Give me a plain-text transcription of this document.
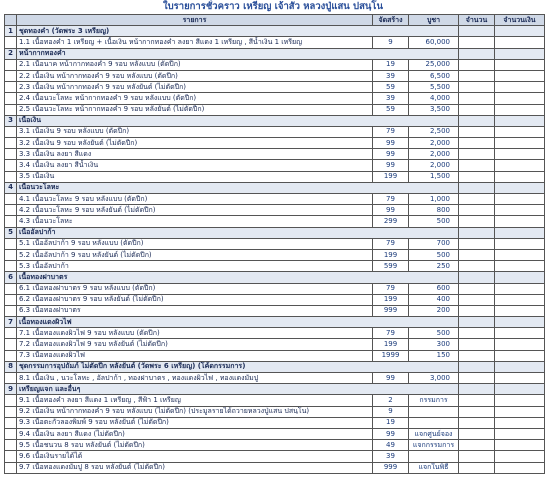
ใบรายการชั่วคราว เหรียญ เจ้าสัว หลวงปู่แสน ปสนฺโน
	รายการ	จัดสร้าง	บูชา	จำนวน	จำนวนเงิน
1	ชุดทองคำ (วัดพระ 3 เหรียญ)				
	1.1 เนื้อทองคำ 1 เหรียญ + เนื้อเงิน หน้ากากทองคำ ลงยา สีแดง 1 เหรียญ , สีน้ำเงิน 1 เหรียญ	9	60,000		
2	หน้ากากทองคำ				
	2.1 เนื้อนาค หน้ากากทองคำ 9 รอบ หลังแบบ (ตัดปีก)	19	25,000		
	2.2 เนื้อเงิน หน้ากากทองคำ 9 รอบ หลังแบบ (ตัดปีก)	39	6,500		
	2.3 เนื้อเงิน หน้ากากทองคำ 9 รอบ หลังยันต์ (ไม่ตัดปีก)	59	5,500		
	2.4 เนื้อนวะโลหะ หน้ากากทองคำ 9 รอบ หลังแบบ (ตัดปีก)	39	4,000		
	2.5 เนื้อนวะโลหะ หน้ากากทองคำ 9 รอบ หลังยันต์ (ไม่ตัดปีก)	59	3,500		
3	เนื้อเงิน				
	3.1 เนื้อเงิน 9 รอบ หลังแบบ (ตัดปีก)	79	2,500		
	3.2 เนื้อเงิน 9 รอบ หลังยันต์ (ไม่ตัดปีก)	99	2,000		
	3.3 เนื้อเงิน ลงยา สีแดง	99	2,000		
	3.4 เนื้อเงิน ลงยา สีน้ำเงิน	99	2,000		
	3.5 เนื้อเงิน	199	1,500		
4	เนื้อนวะโลหะ				
	4.1 เนื้อนวะโลหะ 9 รอบ หลังแบบ (ตัดปีก)	79	1,000		
	4.2 เนื้อนวะโลหะ 9 รอบ หลังยันต์ (ไม่ตัดปีก)	99	800		
	4.3 เนื้อนวะโลหะ	299	500		
5	เนื้ออัลปาก้า				
	5.1 เนื้ออัลปาก้า 9 รอบ หลังแบบ (ตัดปีก)	79	700		
	5.2 เนื้ออัลปาก้า 9 รอบ หลังยันต์ (ไม่ตัดปีก)	199	500		
	5.3 เนื้ออัลปาก้า	599	250		
6	เนื้อทองฝาบาตร				
	6.1 เนื้อทองฝาบาตร 9 รอบ หลังแบบ (ตัดปีก)	79	600		
	6.2 เนื้อทองฝาบาตร 9 รอบ หลังยันต์ (ไม่ตัดปีก)	199	400		
	6.3 เนื้อทองฝาบาตร	999	200		
7	เนื้อทองแดงผิวไฟ				
	7.1 เนื้อทองแดงผิวไฟ 9 รอบ หลังแบบ (ตัดปีก)	79	500		
	7.2 เนื้อทองแดงผิวไฟ 9 รอบ หลังยันต์ (ไม่ตัดปีก)	199	300		
	7.3 เนื้อทองแดงผิวไฟ	1999	150		
8	ชุดกรรมการอุปถัมภ์ ไม่ตัดปีก หลังยันต์ (วัดพระ 6 เหรียญ) (โค้ดกรรมการ)				
	8.1 เนื้อเงิน , นวะโลหะ , อัลปาก้า , ทองฝาบาตร , ทองแดงผิวไฟ , ทองแดงมัมปู	99	3,000		
9	เหรียญแจก และอื่นๆ				
	9.1 เนื้อทองคำ ลงยา สีแดง 1 เหรียญ , สีฟ้า 1 เหรียญ	2	กรรมการ		
	9.2 เนื้อเงิน หน้ากากทองคำ 9 รอบ หลังแบบ (ไม่ตัดปีก) (ประมูลรายได้ถวายหลวงปู่แสน ปสนฺโน)	9			
	9.3 เนื้อตะกั่วลองพิมพ์ 9 รอบ หลังยันต์ (ไม่ตัดปีก)	19			
	9.4 เนื้อเงิน ลงยา สีแดง (ไม่ตัดปีก)	99	แจกศูนย์จอง		
	9.5 เนื้อชนวน 8 รอบ หลังยันต์ (ไม่ตัดปีก)	49	แจกกรรมการ		
	9.6 เนื้อเงินรายได้ได้	39			
	9.7 เนื้อทองแดงมัมปู 8 รอบ หลังยันต์ (ไม่ตัดปีก)	999	แจกในพิธี		
